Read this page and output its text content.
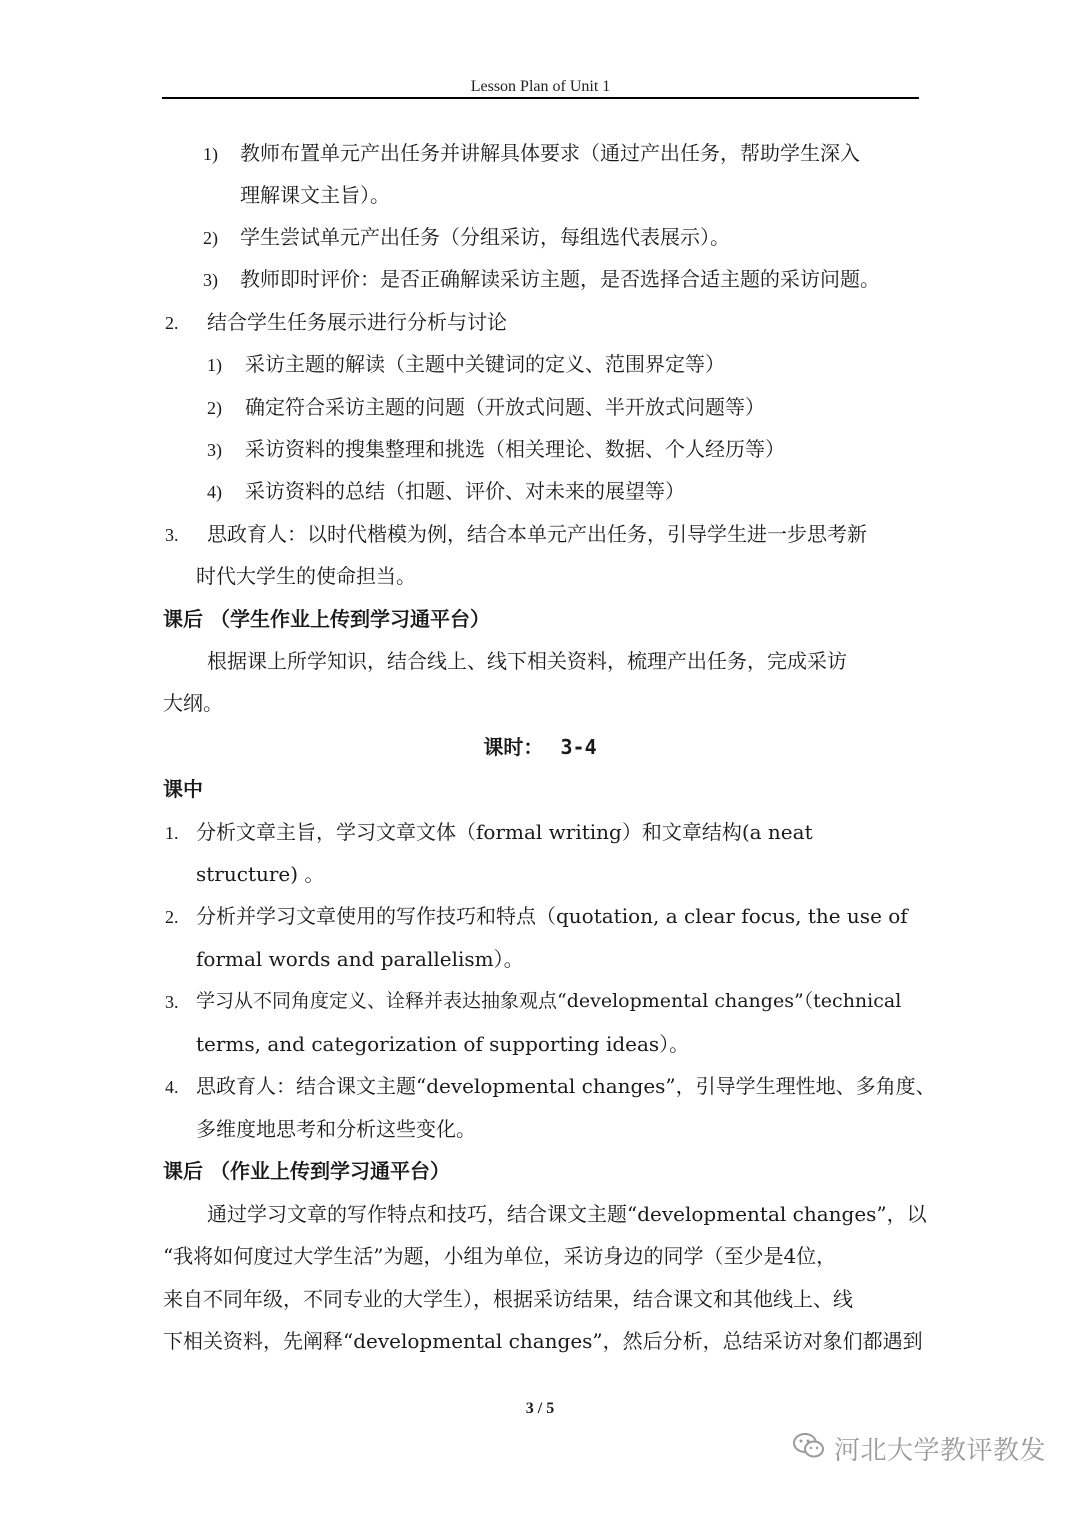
Lesson Plan of Unit 1
1) 教师布置单元产出任务并讲解具体要求（通过产出任务，帮助学生深入
理解课文主旨）。
2) 学生尝试单元产出任务（分组采访，每组选代表展示）。
3) 教师即时评价：是否正确解读采访主题，是否选择合适主题的采访问题。
2. 结合学生任务展示进行分析与讨论
1) 采访主题的解读（主题中关键词的定义、范围界定等）
2) 确定符合采访主题的问题（开放式问题、半开放式问题等）
3) 采访资料的搜集整理和挑选（相关理论、数据、个人经历等）
4) 采访资料的总结（扣题、评价、对未来的展望等）
3. 思政育人：以时代楷模为例，结合本单元产出任务，引导学生进一步思考新
时代大学生的使命担当。
课后 （学生作业上传到学习通平台）
根据课上所学知识，结合线上、线下相关资料，梳理产出任务，完成采访
大纲。
课时： 3-4
课中
1. 分析文章主旨，学习文章文体（formal writing）和文章结构(a neat
structure) 。
2. 分析并学习文章使用的写作技巧和特点（quotation, a clear focus, the use of
formal words and parallelism）。
3. 学习从不同角度定义、诠释并表达抽象观点“developmental changes”（technical
terms, and categorization of supporting ideas）。
4. 思政育人：结合课文主题“developmental changes”，引导学生理性地、多角度、
多维度地思考和分析这些变化。
课后 （作业上传到学习通平台）
通过学习文章的写作特点和技巧，结合课文主题“developmental changes”，以
“我将如何度过大学生活”为题，小组为单位，采访身边的同学（至少是4位，
来自不同年级，不同专业的大学生），根据采访结果，结合课文和其他线上、线
下相关资料，先阐释“developmental changes”，然后分析，总结采访对象们都遇到
3 / 5
河北大学教评教发
